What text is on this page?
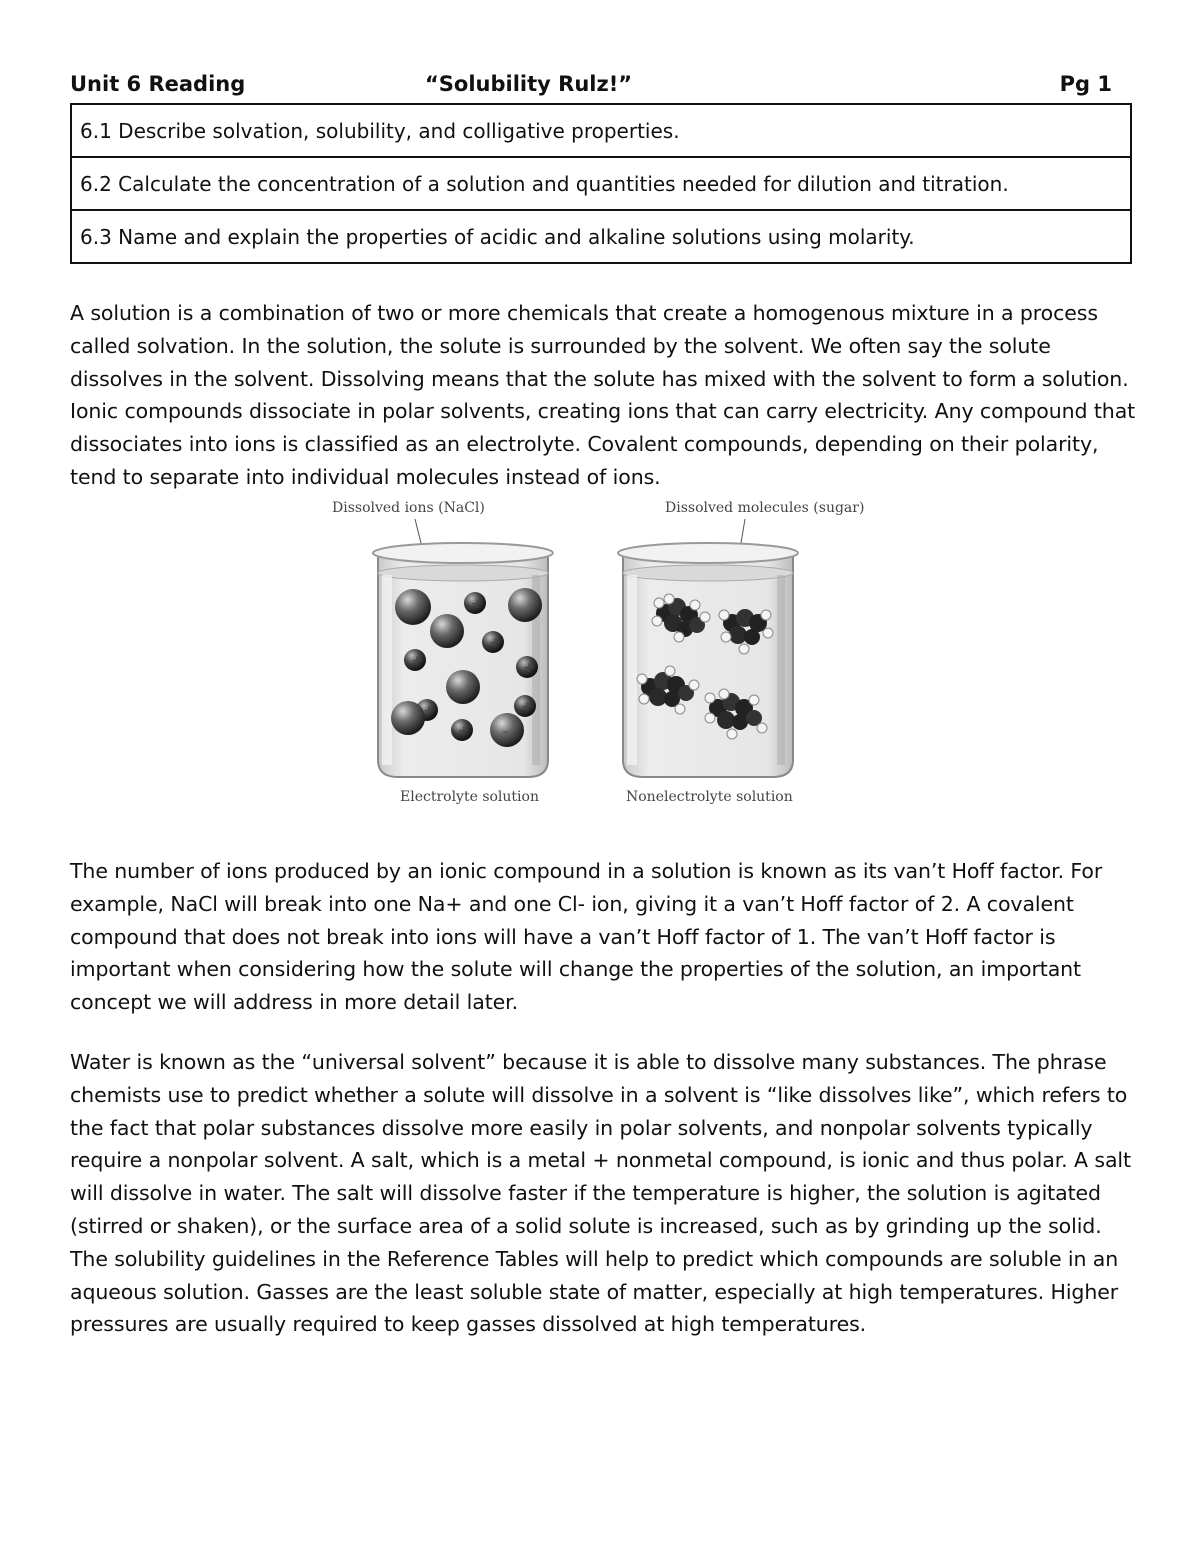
Unit 6 Reading	“Solubility Rulz!”	Pg 1
6.1 Describe solvation, solubility, and colligative properties.
6.2 Calculate the concentration of a solution and quantities needed for dilution and titration.
6.3 Name and explain the properties of acidic and alkaline solutions using molarity.

A solution is a combination of two or more chemicals that create a homogenous mixture in a process called solvation. In the solution, the solute is surrounded by the solvent. We often say the solute dissolves in the solvent. Dissolving means that the solute has mixed with the solvent to form a solution. Ionic compounds dissociate in polar solvents, creating ions that can carry electricity. Any compound that dissociates into ions is classified as an electrolyte. Covalent compounds, depending on their polarity, tend to separate into individual molecules instead of ions.

Dissolved ions (NaCl)	Dissolved molecules (sugar)
Electrolyte solution	Nonelectrolyte solution
+
+
+	+
+	+
+ –

The number of ions produced by an ionic compound in a solution is known as its van’t Hoff factor. For example, NaCl will break into one Na+ and one Cl- ion, giving it a van’t Hoff factor of 2. A covalent compound that does not break into ions will have a van’t Hoff factor of 1. The van’t Hoff factor is important when considering how the solute will change the properties of the solution, an important concept we will address in more detail later.

Water is known as the “universal solvent” because it is able to dissolve many substances. The phrase chemists use to predict whether a solute will dissolve in a solvent is “like dissolves like”, which refers to the fact that polar substances dissolve more easily in polar solvents, and nonpolar solvents typically require a nonpolar solvent. A salt, which is a metal + nonmetal compound, is ionic and thus polar. A salt will dissolve in water. The salt will dissolve faster if the temperature is higher, the solution is agitated (stirred or shaken), or the surface area of a solid solute is increased, such as by grinding up the solid. The solubility guidelines in the Reference Tables will help to predict which compounds are soluble in an aqueous solution. Gasses are the least soluble state of matter, especially at high temperatures. Higher pressures are usually required to keep gasses dissolved at high temperatures.
